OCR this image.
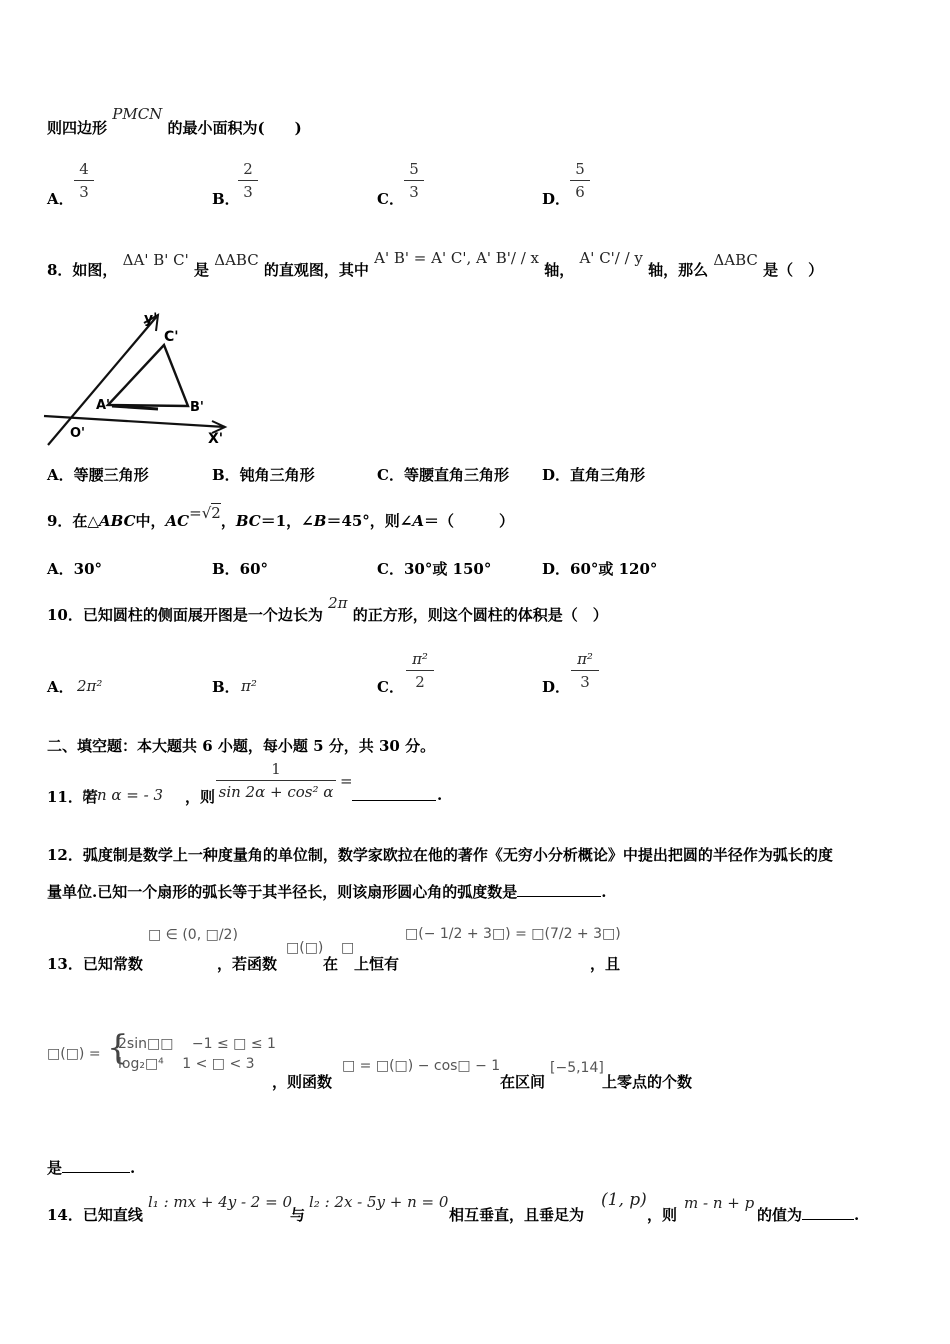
则四边形 PMCN 的最小面积为(　　)
A．
4
3	B．
2
3	C．
5
3	D．
5
6
8．如图， ΔA' B' C' 是 ΔABC 的直观图，其中 A' B' = A' C', A' B'/ / x 轴， A' C'/ / y 轴，那么 ΔABC 是（　）
y'
C'
A'	B'
O'	X'
A．等腰三角形	B．钝角三角形	C．等腰直角三角形 D．直角三角形
9．在△ABC中，AC=√2，BC＝1，∠B＝45°，则∠A＝（　　　）
A．30°	B．60°	C．30°或 150°	D．60°或 120°
10．已知圆柱的侧面展开图是一个边长为 2π 的正方形，则这个圆柱的体积是（　）
A． 2π²	B． π²	C．
π²
2	D．
π²
3
二、填空题：本大题共 6 小题，每小题 5 分，共 30 分。
11．若
tan α = - 3 ，则
1
sin 2α + cos² α
=
.
12．弧度制是数学上一种度量角的单位制，数学家欧拉在他的著作《无穷小分析概论》中提出把圆的半径作为弧长的度
量单位.已知一个扇形的弧长等于其半径长，则该扇形圆心角的弧度数是	.
13．已知常数
□ ∈ (0, □/2)
，若函数
□(□)
在
□
上恒有
□(− 1/2 + 3□) = □(7/2 + 3□)
，且
□(□) = {
2sin□□　 −1 ≤ □ ≤ 1
log₂□⁴　 1 < □ < 3
，则函数
□ = □(□) − cos□ − 1
在区间
[−5,14]
上零点的个数
是	.
14．已知直线
l₁ : mx + 4y - 2 = 0
与
l₂ : 2x - 5y + n = 0
相互垂直，且垂足为
(1, p)
，则
m - n + p
的值为	.
